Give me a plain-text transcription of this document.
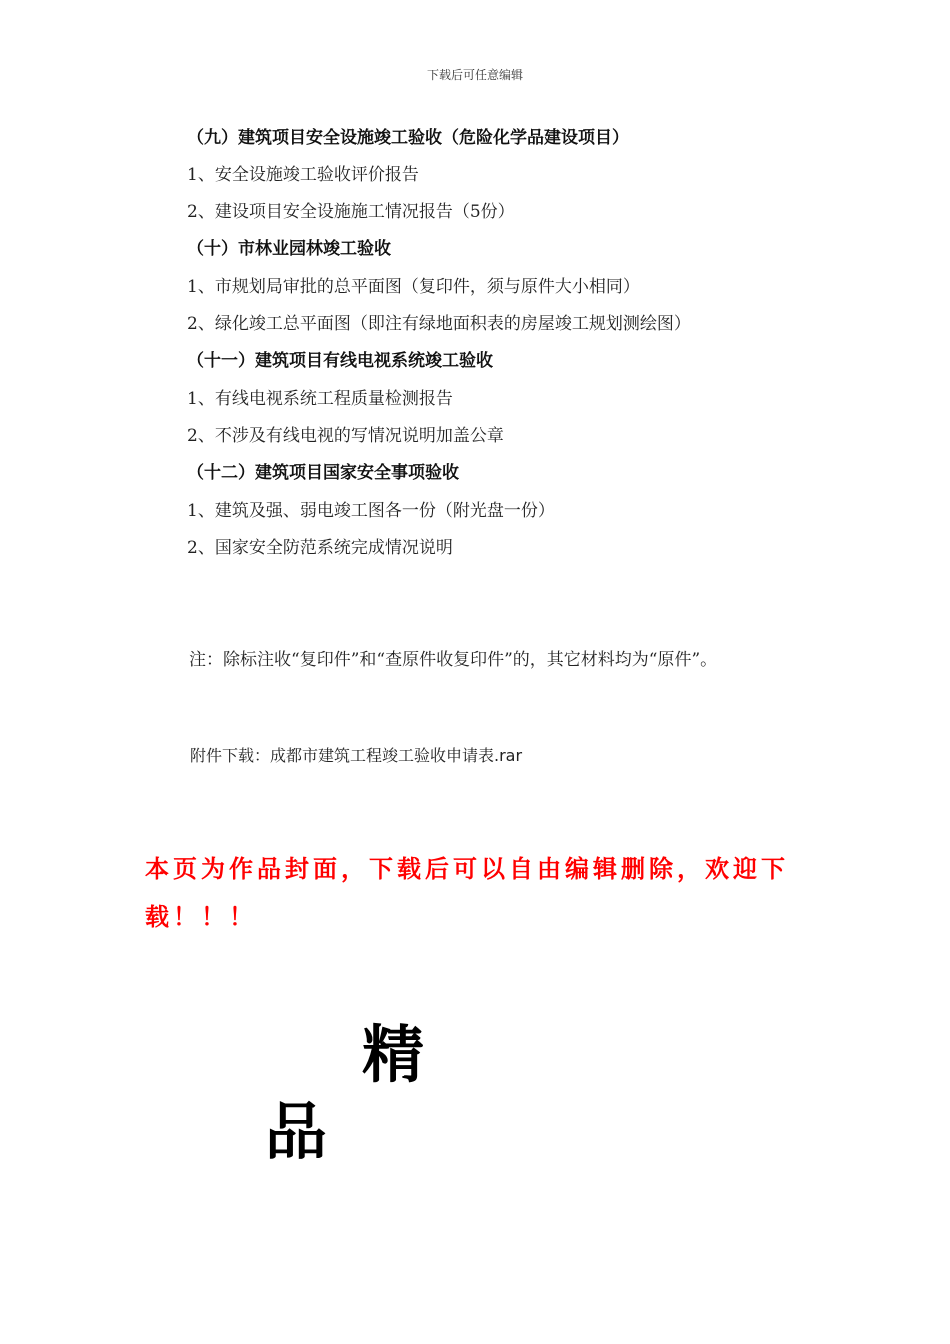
下载后可任意编辑
（九）建筑项目安全设施竣工验收（危险化学品建设项目）
1、安全设施竣工验收评价报告
2、建设项目安全设施施工情况报告（5份）
（十）市林业园林竣工验收
1、市规划局审批的总平面图（复印件，须与原件大小相同）
2、绿化竣工总平面图（即注有绿地面积表的房屋竣工规划测绘图）
（十一）建筑项目有线电视系统竣工验收
1、有线电视系统工程质量检测报告
2、不涉及有线电视的写情况说明加盖公章
（十二）建筑项目国家安全事项验收
1、建筑及强、弱电竣工图各一份（附光盘一份）
2、国家安全防范系统完成情况说明
注：除标注收“复印件”和“查原件收复印件”的，其它材料均为“原件”。
附件下载：成都市建筑工程竣工验收申请表.rar
本页为作品封面，下载后可以自由编辑删除，欢迎下载！！！
精
品
